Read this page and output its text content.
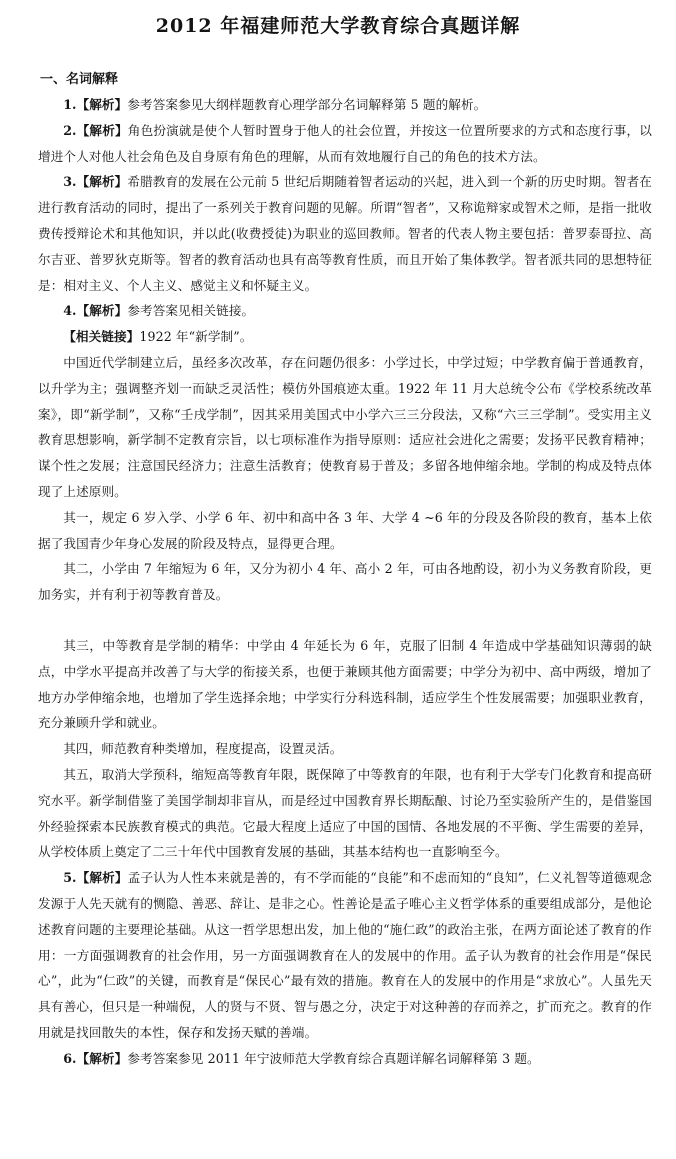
2012 年福建师范大学教育综合真题详解
一、名词解释

1.【解析】参考答案参见大纲样题教育心理学部分名词解释第 5 题的解析。

2.【解析】角色扮演就是使个人暂时置身于他人的社会位置，并按这一位置所要求的方式和态度行事，以增进个人对他人社会角色及自身原有角色的理解，从而有效地履行自己的角色的技术方法。

3.【解析】希腊教育的发展在公元前 5 世纪后期随着智者运动的兴起，进入到一个新的历史时期。智者在进行教育活动的同时，提出了一系列关于教育问题的见解。所谓“智者”，又称诡辩家或智术之师，是指一批收费传授辩论术和其他知识，并以此(收费授徒)为职业的巡回教师。智者的代表人物主要包括：普罗泰哥拉、高尔吉亚、普罗狄克斯等。智者的教育活动也具有高等教育性质，而且开始了集体教学。智者派共同的思想特征是：相对主义、个人主义、感觉主义和怀疑主义。

4.【解析】参考答案见相关链接。

【相关链接】1922 年“新学制”。

中国近代学制建立后，虽经多次改革，存在问题仍很多：小学过长，中学过短；中学教育偏于普通教育，以升学为主；强调整齐划一而缺乏灵活性；模仿外国痕迹太重。1922 年 11 月大总统令公布《学校系统改革案》，即“新学制”，又称“壬戌学制”，因其采用美国式中小学六三三分段法，又称“六三三学制”。受实用主义教育思想影响，新学制不定教育宗旨，以七项标准作为指导原则：适应社会进化之需要；发扬平民教育精神；谋个性之发展；注意国民经济力；注意生活教育；使教育易于普及；多留各地伸缩余地。学制的构成及特点体现了上述原则。

其一，规定 6 岁入学、小学 6 年、初中和高中各 3 年、大学 4 ~6 年的分段及各阶段的教育，基本上依据了我国青少年身心发展的阶段及特点，显得更合理。

其二，小学由 7 年缩短为 6 年，又分为初小 4 年、高小 2 年，可由各地酌设，初小为义务教育阶段，更加务实，并有利于初等教育普及。

其三，中等教育是学制的精华：中学由 4 年延长为 6 年，克服了旧制 4 年造成中学基础知识薄弱的缺点，中学水平提高并改善了与大学的衔接关系，也便于兼顾其他方面需要；中学分为初中、高中两级，增加了地方办学伸缩余地，也增加了学生选择余地；中学实行分科选科制，适应学生个性发展需要；加强职业教育，充分兼顾升学和就业。

其四，师范教育种类增加，程度提高，设置灵活。

其五，取消大学预科，缩短高等教育年限，既保障了中等教育的年限，也有利于大学专门化教育和提高研究水平。新学制借鉴了美国学制却非盲从，而是经过中国教育界长期酝酿、讨论乃至实验所产生的，是借鉴国外经验探索本民族教育模式的典范。它最大程度上适应了中国的国情、各地发展的不平衡、学生需要的差异，从学校体质上奠定了二三十年代中国教育发展的基础，其基本结构也一直影响至今。

5.【解析】孟子认为人性本来就是善的，有不学而能的“良能”和不虑而知的“良知”，仁义礼智等道德观念发源于人先天就有的恻隐、善恶、辞让、是非之心。性善论是孟子唯心主义哲学体系的重要组成部分，是他论述教育问题的主要理论基础。从这一哲学思想出发，加上他的“施仁政”的政治主张，在两方面论述了教育的作用：一方面强调教育的社会作用，另一方面强调教育在人的发展中的作用。孟子认为教育的社会作用是“保民心”，此为“仁政”的关键，而教育是“保民心”最有效的措施。教育在人的发展中的作用是“求放心”。人虽先天具有善心，但只是一种端倪，人的贤与不贤、智与愚之分，决定于对这种善的存而养之，扩而充之。教育的作用就是找回散失的本性，保存和发扬天赋的善端。

6.【解析】参考答案参见 2011 年宁波师范大学教育综合真题详解名词解释第 3 题。
